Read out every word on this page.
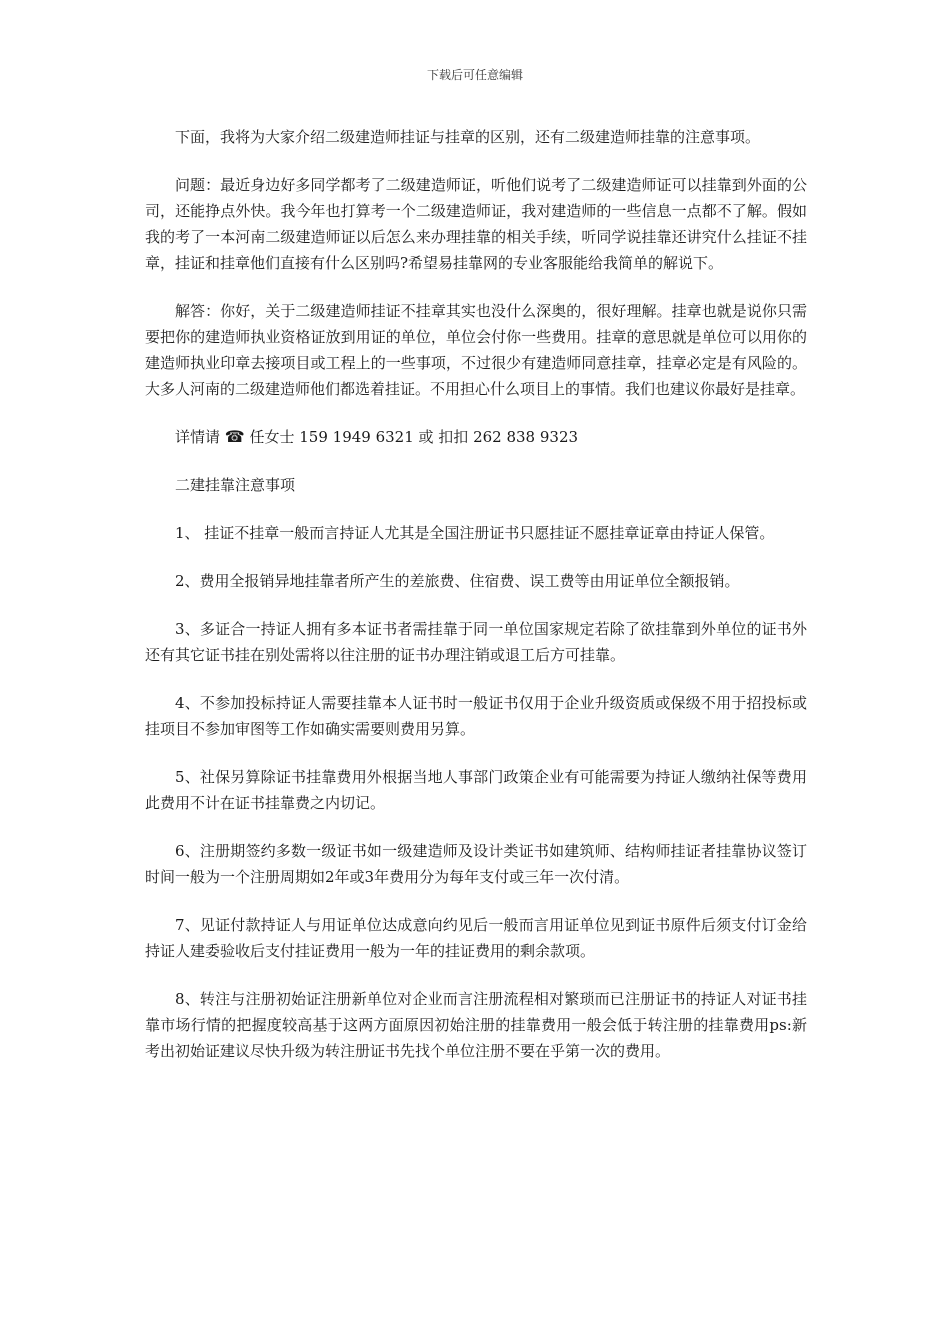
下载后可任意编辑

下面，我将为大家介绍二级建造师挂证与挂章的区别，还有二级建造师挂靠的注意事项。

问题：最近身边好多同学都考了二级建造师证，听他们说考了二级建造师证可以挂靠到外面的公司，还能挣点外快。我今年也打算考一个二级建造师证，我对建造师的一些信息一点都不了解。假如我的考了一本河南二级建造师证以后怎么来办理挂靠的相关手续，听同学说挂靠还讲究什么挂证不挂章，挂证和挂章他们直接有什么区别吗?希望易挂靠网的专业客服能给我简单的解说下。

解答：你好，关于二级建造师挂证不挂章其实也没什么深奥的，很好理解。挂章也就是说你只需要把你的建造师执业资格证放到用证的单位，单位会付你一些费用。挂章的意思就是单位可以用你的建造师执业印章去接项目或工程上的一些事项，不过很少有建造师同意挂章，挂章必定是有风险的。大多人河南的二级建造师他们都选着挂证。不用担心什么项目上的事情。我们也建议你最好是挂章。

详情请 ☎ 任女士 159 1949 6321 或 扣扣 262 838 9323

二建挂靠注意事项

1、 挂证不挂章一般而言持证人尤其是全国注册证书只愿挂证不愿挂章证章由持证人保管。

2、费用全报销异地挂靠者所产生的差旅费、住宿费、误工费等由用证单位全额报销。

3、多证合一持证人拥有多本证书者需挂靠于同一单位国家规定若除了欲挂靠到外单位的证书外还有其它证书挂在别处需将以往注册的证书办理注销或退工后方可挂靠。

4、不参加投标持证人需要挂靠本人证书时一般证书仅用于企业升级资质或保级不用于招投标或挂项目不参加审图等工作如确实需要则费用另算。

5、社保另算除证书挂靠费用外根据当地人事部门政策企业有可能需要为持证人缴纳社保等费用此费用不计在证书挂靠费之内切记。

6、注册期签约多数一级证书如一级建造师及设计类证书如建筑师、结构师挂证者挂靠协议签订时间一般为一个注册周期如2年或3年费用分为每年支付或三年一次付清。

7、见证付款持证人与用证单位达成意向约见后一般而言用证单位见到证书原件后须支付订金给持证人建委验收后支付挂证费用一般为一年的挂证费用的剩余款项。

8、转注与注册初始证注册新单位对企业而言注册流程相对繁琐而已注册证书的持证人对证书挂靠市场行情的把握度较高基于这两方面原因初始注册的挂靠费用一般会低于转注册的挂靠费用ps:新考出初始证建议尽快升级为转注册证书先找个单位注册不要在乎第一次的费用。
